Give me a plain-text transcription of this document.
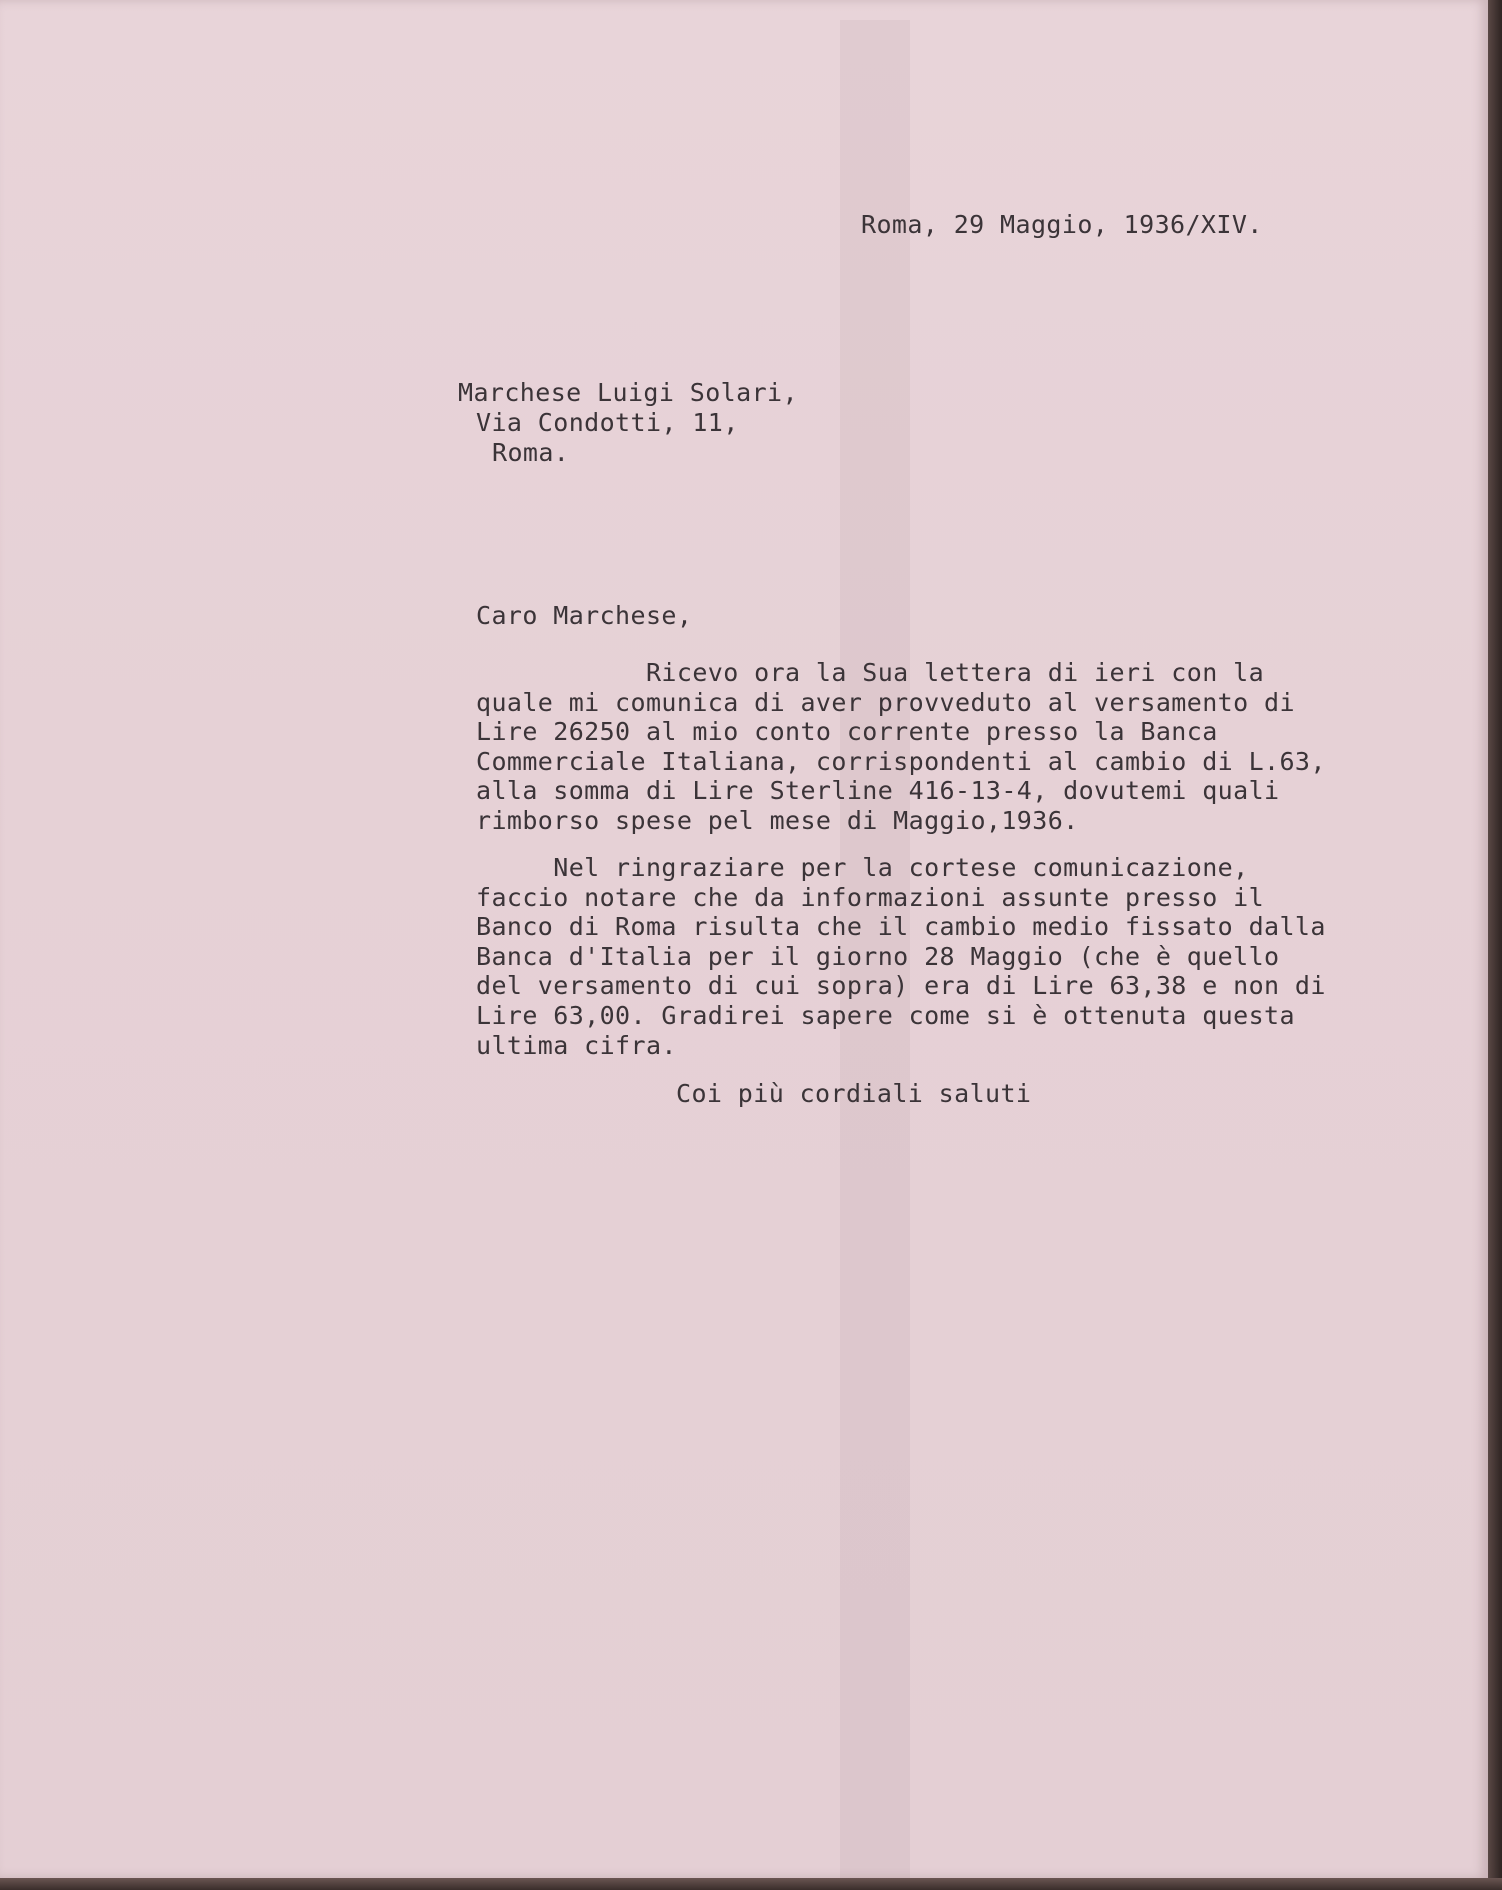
Roma, 29 Maggio, 1936/XIV.

Marchese Luigi Solari,

Via Condotti, 11,

Roma.

Caro Marchese,

Ricevo ora la Sua lettera di ieri con la
quale mi comunica di aver provveduto al versamento di
Lire 26250 al mio conto corrente presso la Banca
Commerciale Italiana, corrispondenti al cambio di L.63,
alla somma di Lire Sterline 416-13-4, dovutemi quali
rimborso spese pel mese di Maggio,1936.

Nel ringraziare per la cortese comunicazione,
faccio notare che da informazioni assunte presso il
Banco di Roma risulta che il cambio medio fissato dalla
Banca d'Italia per il giorno 28 Maggio (che è quello
del versamento di cui sopra) era di Lire 63,38 e non di
Lire 63,00. Gradirei sapere come si è ottenuta questa
ultima cifra.

Coi più cordiali saluti
